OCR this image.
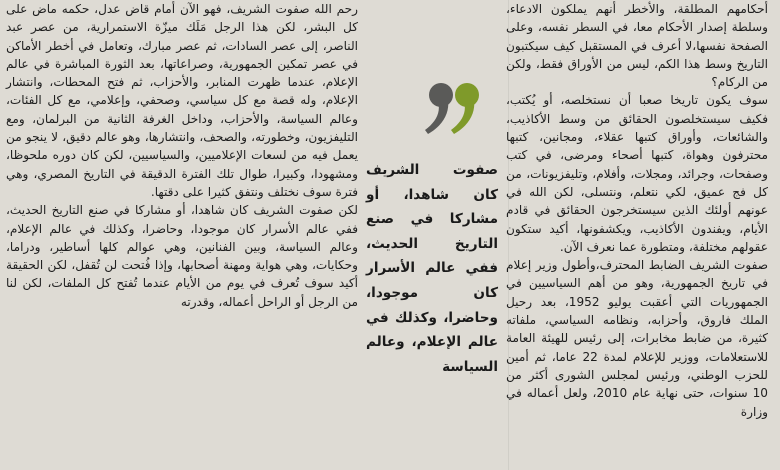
أحكامهم المطلقة، والأخطر أنهم يملكون الادعاء، وسلطة إصدار الأحكام معا، في السطر نفسه، وعلى الصفحة نفسها،لا أعرف في المستقبل كيف سيكتبون التاريخ وسط هذا الكم، ليس من الأوراق فقط، ولكن من الركام؟

سوف يكون تاريخا صعبا أن نستخلصه، أو يُكتب، فكيف سيستخلصون الحقائق من وسط الأكاذيب، والشائعات، وأوراق كتبها عقلاء، ومجانين، كتبها محترفون وهواة، كتبها أصحاء ومرضى، في كتب وصفحات، وجرائد، ومجلات، وأفلام، وتليفزيونات، من كل فج عميق، لكي نتعلم، ونتسلى، لكن الله في عونهم أولئك الذين سيستخرجون الحقائق في قادم الأيام، ويفندون الأكاذيب، ويكشفونها، أكيد ستكون عقولهم مختلفة، ومتطورة عما نعرف الآن.

صفوت الشريف الضابط المحترف،وأطول وزير إعلام في تاريخ الجمهورية، وهو من أهم السياسيين في الجمهوريات التي أعقبت يوليو 1952، بعد رحيل الملك فاروق، وأحزابه، ونظامه السياسي، ملفاته كثيرة، من ضابط مخابرات، إلى رئيس للهيئة العامة للاستعلامات، ووزير للإعلام لمدة 22 عاما، ثم أمين للحزب الوطني، ورئيس لمجلس الشورى أكثر من 10 سنوات، حتى نهاية عام 2010، ولعل أعماله في وزارة

صفوت الشريف كان شاهدا، أو مشاركا في صنع التاريخ الحديث، ففي عالم الأسرار كان موجودا، وحاضرا، وكذلك في عالم الإعلام، وعالم السياسة

رحم الله صفوت الشريف، فهو الآن أمام قاض عدل، حكمه ماض على كل البشر، لكن هذا الرجل مَلَك ميزّة الاستمرارية، من عصر عبد الناصر، إلى عصر السادات، ثم عصر مبارك، وتعامل في أخطر الأماكن في عصر تمكين الجمهورية، وصراعاتها، بعد الثورة المباشرة في عالم الإعلام، عندما ظهرت المنابر، والأحزاب، ثم فتح المحطات، وانتشار الإعلام، وله قصة مع كل سياسي، وصحفي، وإعلامي، مع كل الفئات، وعالم السياسة، والأحزاب، وداخل الغرفة الثانية من البرلمان، ومع التليفزيون، وخطورته، والصحف، وانتشارها، وهو عالم دقيق، لا ينجو من يعمل فيه من لسعات الإعلاميين، والسياسيين، لكن كان دوره ملحوظا، ومشهودا، وكبيرا، طوال تلك الفترة الدقيقة في التاريخ المصري، وهي فترة سوف نختلف ونتفق كثيرا على دقتها.

لكن صفوت الشريف كان شاهدا، أو مشاركا في صنع التاريخ الحديث، ففي عالم الأسرار كان موجودا، وحاضرا، وكذلك في عالم الإعلام، وعالم السياسة، وبين الفنانين، وهي عوالم كلها أساطير، ودراما، وحكايات، وهي هواية ومهنة أصحابها، وإذا فُتحت لن تُقفل، لكن الحقيقة أكيد سوف تُعرف في يوم من الأيام عندما تُفتح كل الملفات، لكن لنا من الرجل أو الراحل أعماله، وقدرته
